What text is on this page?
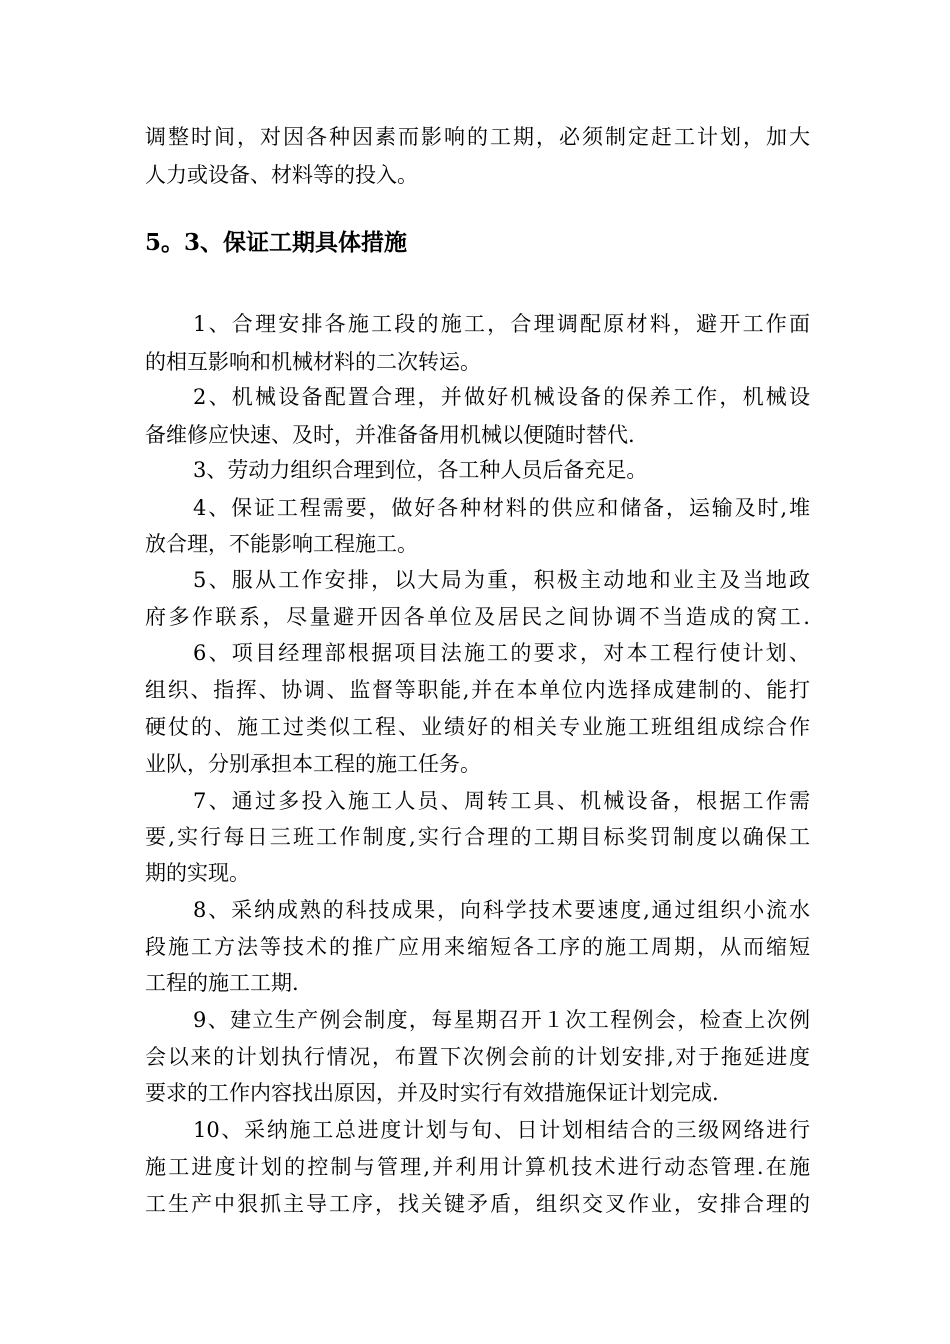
调整时间，对因各种因素而影响的工期，必须制定赶工计划，加大
人力或设备、材料等的投入。
5。3、保证工期具体措施
1、合理安排各施工段的施工，合理调配原材料，避开工作面
的相互影响和机械材料的二次转运。
2、机械设备配置合理，并做好机械设备的保养工作，机械设
备维修应快速、及时，并准备备用机械以便随时替代.
3、劳动力组织合理到位，各工种人员后备充足。
4、保证工程需要，做好各种材料的供应和储备，运输及时,堆
放合理，不能影响工程施工。
5、服从工作安排，以大局为重，积极主动地和业主及当地政
府多作联系，尽量避开因各单位及居民之间协调不当造成的窝工.
6、项目经理部根据项目法施工的要求，对本工程行使计划、
组织、指挥、协调、监督等职能,并在本单位内选择成建制的、能打
硬仗的、施工过类似工程、业绩好的相关专业施工班组组成综合作
业队，分别承担本工程的施工任务。
7、通过多投入施工人员、周转工具、机械设备，根据工作需
要,实行每日三班工作制度,实行合理的工期目标奖罚制度以确保工
期的实现。
8、采纳成熟的科技成果，向科学技术要速度,通过组织小流水
段施工方法等技术的推广应用来缩短各工序的施工周期，从而缩短
工程的施工工期.
9、建立生产例会制度，每星期召开１次工程例会，检查上次例
会以来的计划执行情况，布置下次例会前的计划安排,对于拖延进度
要求的工作内容找出原因，并及时实行有效措施保证计划完成.
10、采纳施工总进度计划与旬、日计划相结合的三级网络进行
施工进度计划的控制与管理,并利用计算机技术进行动态管理.在施
工生产中狠抓主导工序，找关键矛盾，组织交叉作业，安排合理的
